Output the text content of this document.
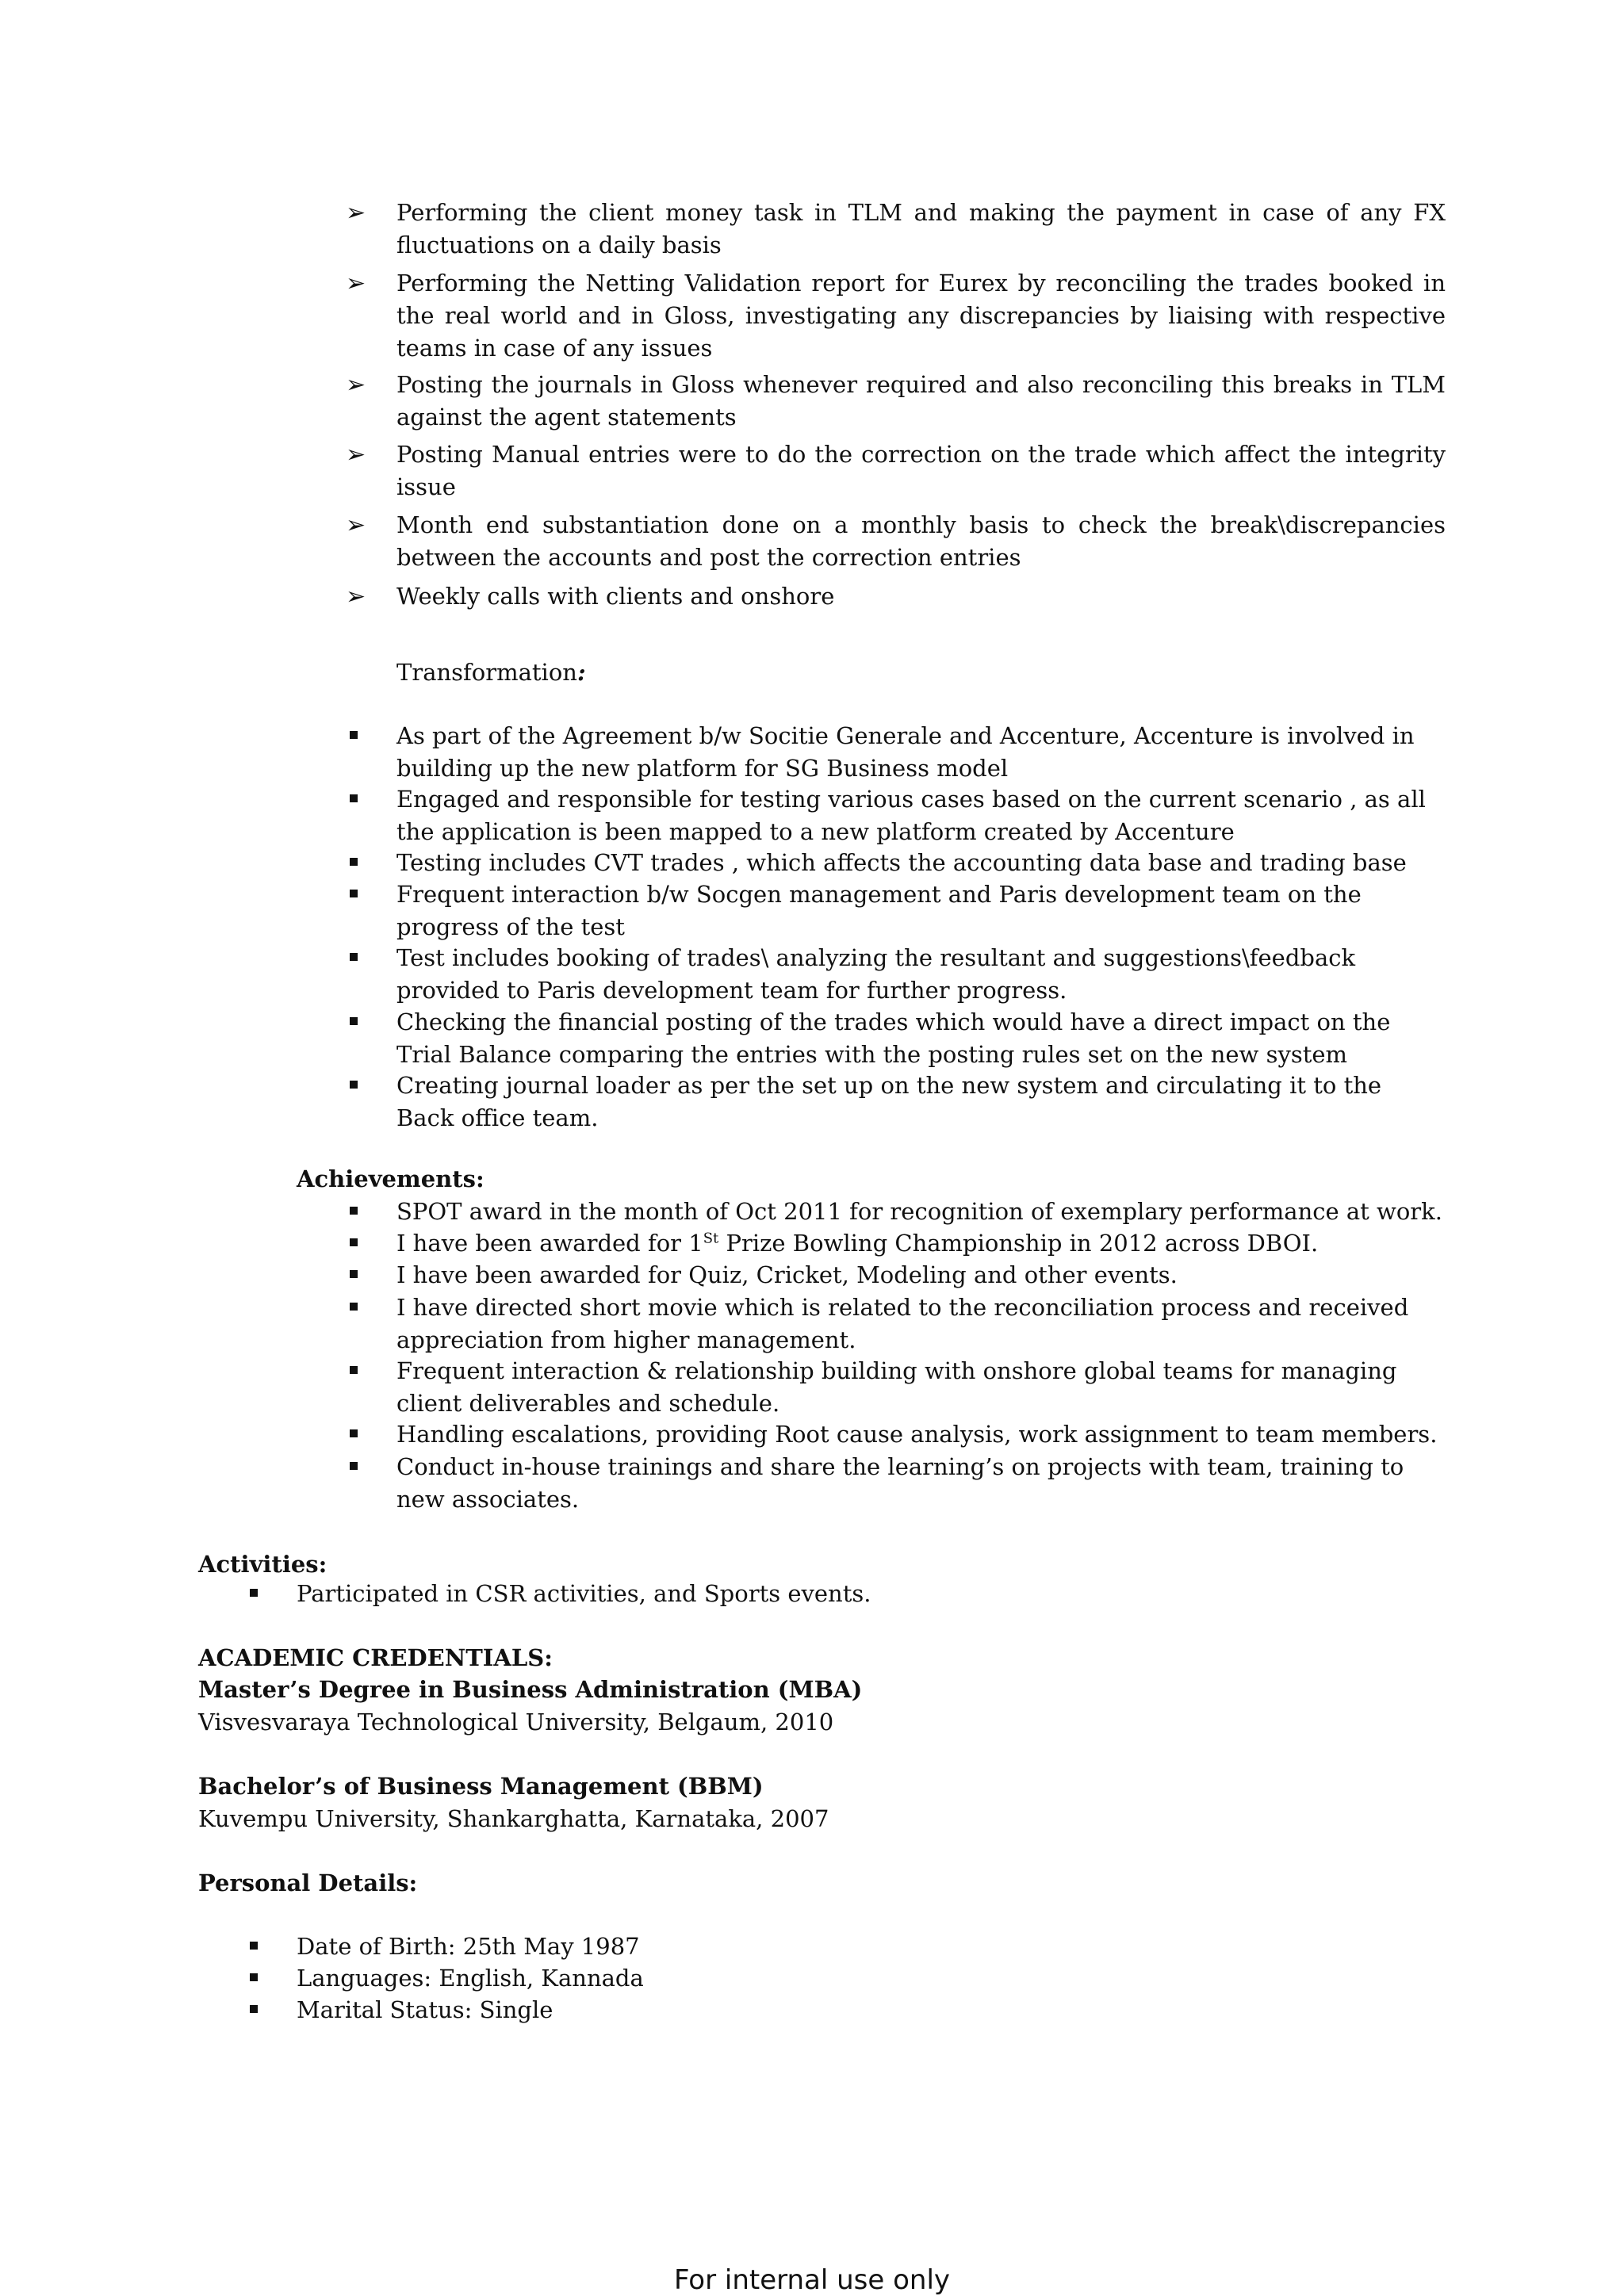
➢ Performing the client money task in TLM and making the payment in case of any FX fluctuations on a daily basis
➢ Performing the Netting Validation report for Eurex by reconciling the trades booked in the real world and in Gloss, investigating any discrepancies by liaising with respective teams in case of any issues
➢ Posting the journals in Gloss whenever required and also reconciling this breaks in TLM against the agent statements
➢ Posting Manual entries were to do the correction on the trade which affect the integrity issue
➢ Month end substantiation done on a monthly basis to check the break\discrepancies between the accounts and post the correction entries
➢ Weekly calls with clients and onshore
Transformation:
As part of the Agreement b/w Socitie Generale and Accenture, Accenture is involved in building up the new platform for SG Business model
Engaged and responsible for testing various cases based on the current scenario , as all the application is been mapped to a new platform created by Accenture
Testing includes CVT trades , which affects the accounting data base and trading base
Frequent interaction b/w Socgen management and Paris development team on the progress of the test
Test includes booking of trades\ analyzing the resultant and suggestions\feedback provided to Paris development team for further progress.
Checking the financial posting of the trades which would have a direct impact on the Trial Balance comparing the entries with the posting rules set on the new system
Creating journal loader as per the set up on the new system and circulating it to the Back office team.
Achievements:
SPOT award in the month of Oct 2011 for recognition of exemplary performance at work.
I have been awarded for 1St Prize Bowling Championship in 2012 across DBOI.
I have been awarded for Quiz, Cricket, Modeling and other events.
I have directed short movie which is related to the reconciliation process and received appreciation from higher management.
Frequent interaction & relationship building with onshore global teams for managing client deliverables and schedule.
Handling escalations, providing Root cause analysis, work assignment to team members.
Conduct in-house trainings and share the learning’s on projects with team, training to new associates.
Activities:
Participated in CSR activities, and Sports events.
ACADEMIC CREDENTIALS:
Master’s Degree in Business Administration (MBA)
Visvesvaraya Technological University, Belgaum, 2010
Bachelor’s of Business Management (BBM)
Kuvempu University, Shankarghatta, Karnataka, 2007
Personal Details:
Date of Birth: 25th May 1987
Languages: English, Kannada
Marital Status: Single
For internal use only
